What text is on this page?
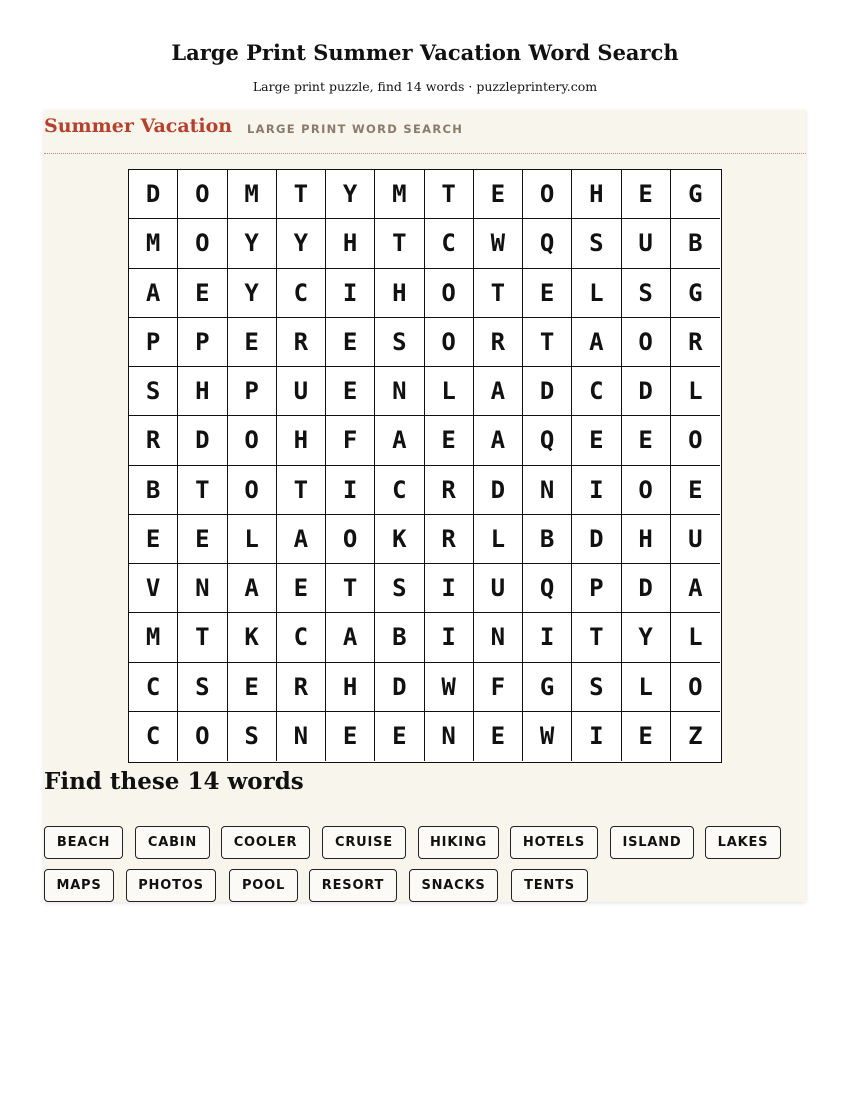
Large Print Summer Vacation Word Search
Large print puzzle, find 14 words · puzzleprintery.com
Summer Vacation LARGE PRINT WORD SEARCH
D	O	M	T	Y	M	T	E	O	H	E	G
M	O	Y	Y	H	T	C	W	Q	S	U	B
A	E	Y	C	I	H	O	T	E	L	S	G
P	P	E	R	E	S	O	R	T	A	O	R
S	H	P	U	E	N	L	A	D	C	D	L
R	D	O	H	F	A	E	A	Q	E	E	O
B	T	O	T	I	C	R	D	N	I	O	E
E	E	L	A	O	K	R	L	B	D	H	U
V	N	A	E	T	S	I	U	Q	P	D	A
M	T	K	C	A	B	I	N	I	T	Y	L
C	S	E	R	H	D	W	F	G	S	L	O
C	O	S	N	E	E	N	E	W	I	E	Z
Find these 14 words
BEACH	CABIN	COOLER	CRUISE	HIKING	HOTELS	ISLAND	LAKES
MAPS	PHOTOS	POOL	RESORT	SNACKS	TENTS
